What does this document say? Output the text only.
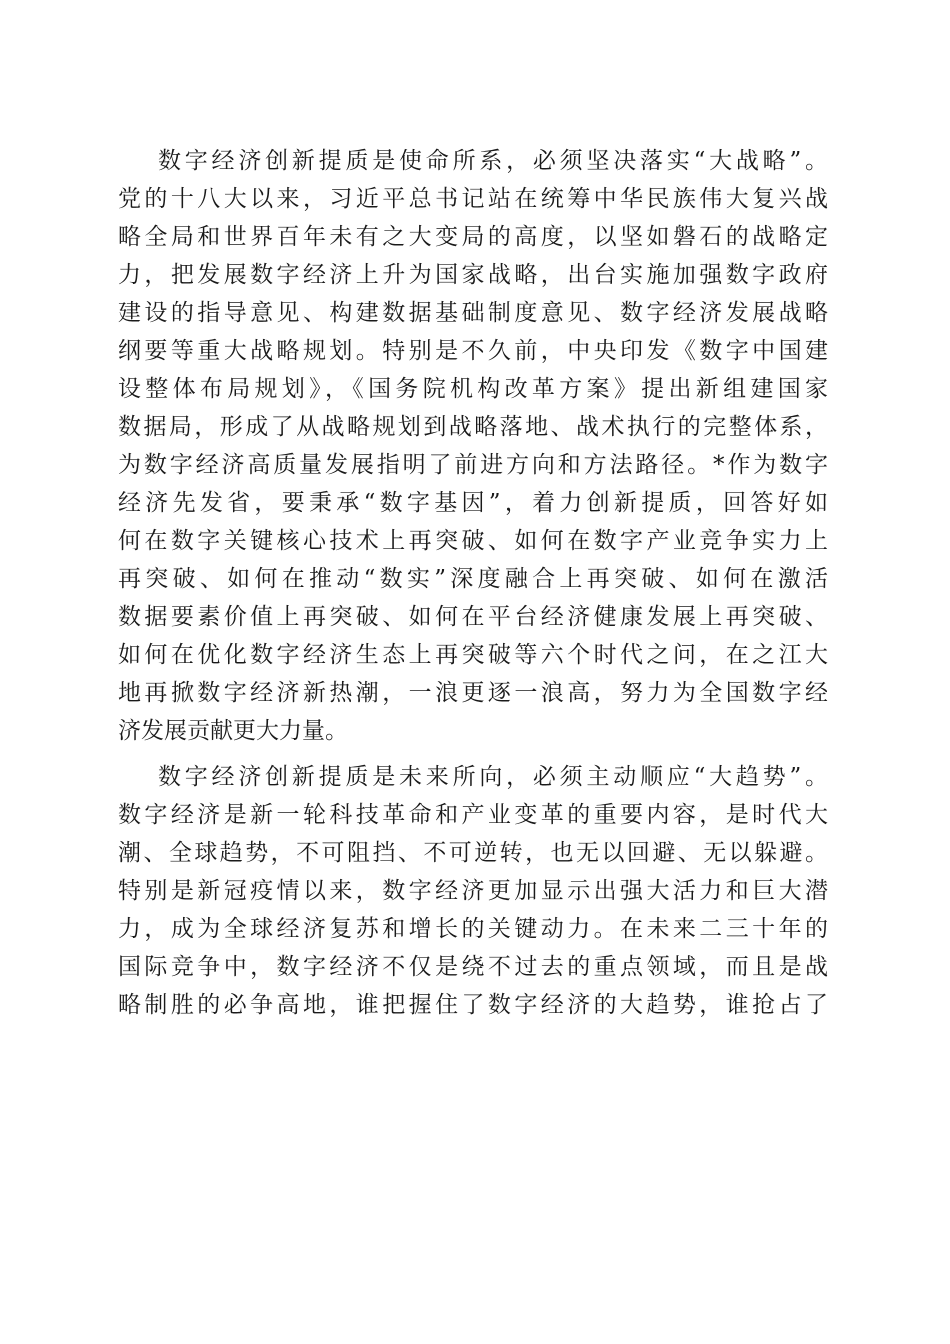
数字经济创新提质是使命所系，必须坚决落实“大战略”。
党的十八大以来，习近平总书记站在统筹中华民族伟大复兴战
略全局和世界百年未有之大变局的高度，以坚如磐石的战略定
力，把发展数字经济上升为国家战略，出台实施加强数字政府
建设的指导意见、构建数据基础制度意见、数字经济发展战略
纲要等重大战略规划。特别是不久前，中央印发《数字中国建
设整体布局规划》，《国务院机构改革方案》提出新组建国家
数据局，形成了从战略规划到战略落地、战术执行的完整体系，
为数字经济高质量发展指明了前进方向和方法路径。*作为数字
经济先发省，要秉承“数字基因”，着力创新提质，回答好如
何在数字关键核心技术上再突破、如何在数字产业竞争实力上
再突破、如何在推动“数实”深度融合上再突破、如何在激活
数据要素价值上再突破、如何在平台经济健康发展上再突破、
如何在优化数字经济生态上再突破等六个时代之问，在之江大
地再掀数字经济新热潮，一浪更逐一浪高，努力为全国数字经
济发展贡献更大力量。
数字经济创新提质是未来所向，必须主动顺应“大趋势”。
数字经济是新一轮科技革命和产业变革的重要内容，是时代大
潮、全球趋势，不可阻挡、不可逆转，也无以回避、无以躲避。
特别是新冠疫情以来，数字经济更加显示出强大活力和巨大潜
力，成为全球经济复苏和增长的关键动力。在未来二三十年的
国际竞争中，数字经济不仅是绕不过去的重点领域，而且是战
略制胜的必争高地，谁把握住了数字经济的大趋势，谁抢占了
